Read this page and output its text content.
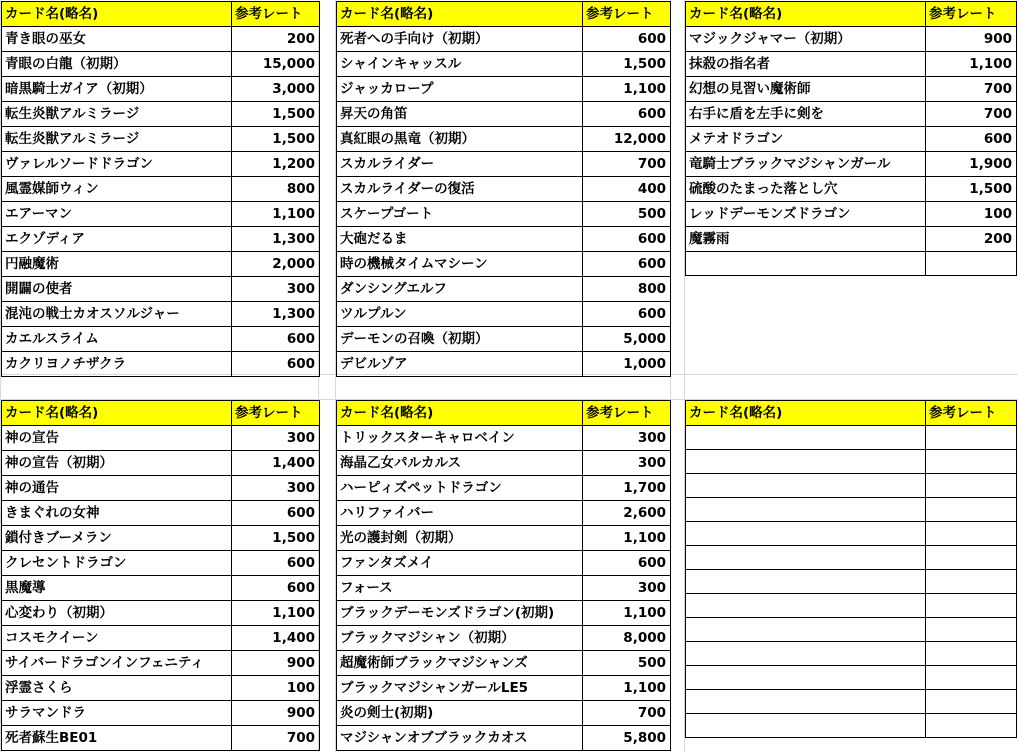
カード名(略名)	参考レート
青き眼の巫女	200
青眼の白龍（初期）	15,000
暗黒騎士ガイア（初期）	3,000
転生炎獣アルミラージ	1,500
転生炎獣アルミラージ	1,500
ヴァレルソードドラゴン	1,200
風霊媒師ウィン	800
エアーマン	1,100
エクゾディア	1,300
円融魔術	2,000
開闢の使者	300
混沌の戦士カオスソルジャー	1,300
カエルスライム	600
カクリヨノチザクラ	600
カード名(略名)	参考レート
死者への手向け（初期）	600
シャインキャッスル	1,500
ジャッカロープ	1,100
昇天の角笛	600
真紅眼の黒竜（初期）	12,000
スカルライダー	700
スカルライダーの復活	400
スケープゴート	500
大砲だるま	600
時の機械タイムマシーン	600
ダンシングエルフ	800
ツルプルン	600
デーモンの召喚（初期）	5,000
デビルゾア	1,000
カード名(略名)	参考レート
マジックジャマー（初期）	900
抹殺の指名者	1,100
幻想の見習い魔術師	700
右手に盾を左手に剣を	700
メテオドラゴン	600
竜騎士ブラックマジシャンガール	1,900
硫酸のたまった落とし穴	1,500
レッドデーモンズドラゴン	100
魔霧雨	200

カード名(略名)	参考レート
神の宣告	300
神の宣告（初期）	1,400
神の通告	300
きまぐれの女神	600
鎖付きブーメラン	1,500
クレセントドラゴン	600
黒魔導	600
心変わり（初期）	1,100
コスモクイーン	1,400
サイバードラゴンインフェニティ	900
浮霊さくら	100
サラマンドラ	900
死者蘇生BE01	700
カード名(略名)	参考レート
トリックスターキャロベイン	300
海晶乙女パルカルス	300
ハーピィズペットドラゴン	1,700
ハリファイバー	2,600
光の護封剣（初期）	1,100
ファンタズメイ	600
フォース	300
ブラックデーモンズドラゴン(初期)	1,100
ブラックマジシャン（初期）	8,000
超魔術師ブラックマジシャンズ	500
ブラックマジシャンガールLE5	1,100
炎の剣士(初期)	700
マジシャンオブブラックカオス	5,800
カード名(略名)	参考レート
